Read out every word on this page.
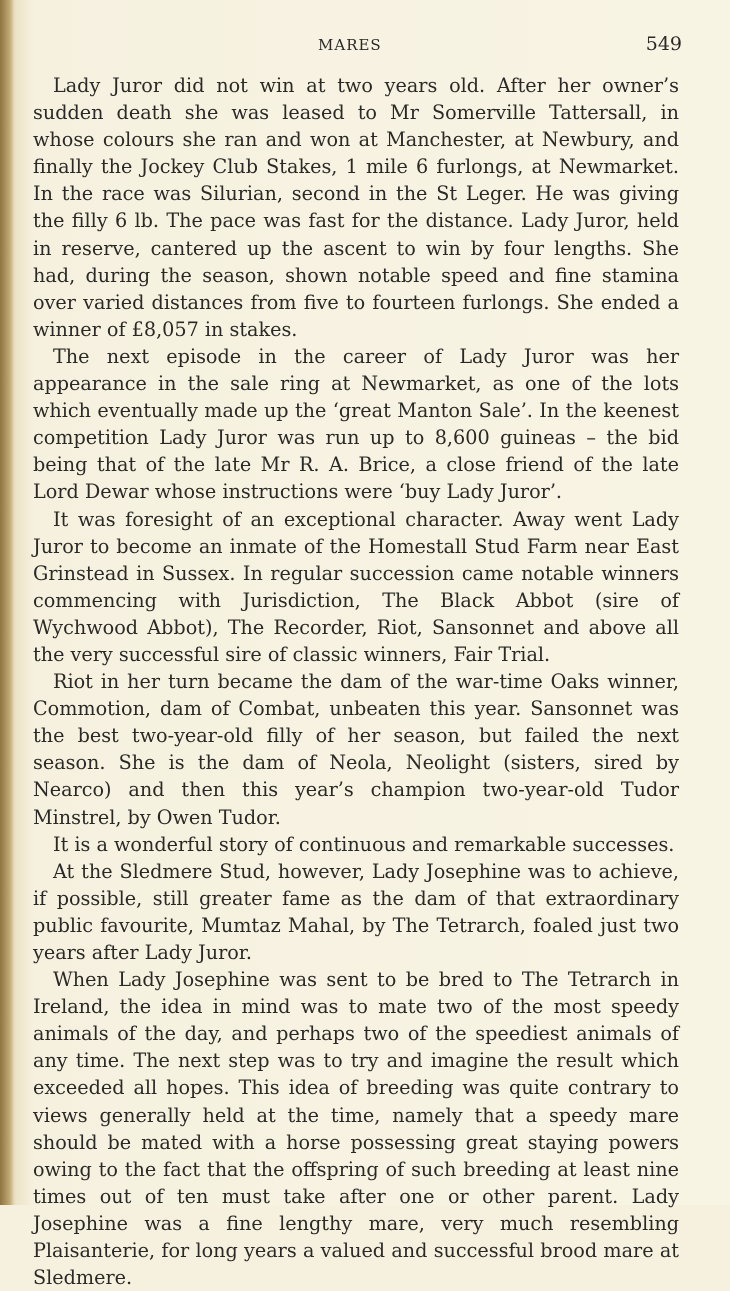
MARES	549

Lady Juror did not win at two years old. After her owner’s sudden death she was leased to Mr Somerville Tattersall, in whose colours she ran and won at Manchester, at Newbury, and finally the Jockey Club Stakes, 1 mile 6 furlongs, at Newmarket. In the race was Silurian, second in the St Leger. He was giving the filly 6 lb. The pace was fast for the distance. Lady Juror, held in reserve, cantered up the ascent to win by four lengths. She had, during the season, shown notable speed and fine stamina over varied distances from five to fourteen furlongs. She ended a winner of £8,057 in stakes.

The next episode in the career of Lady Juror was her appearance in the sale ring at Newmarket, as one of the lots which eventually made up the ‘great Manton Sale’. In the keenest competition Lady Juror was run up to 8,600 guineas – the bid being that of the late Mr R. A. Brice, a close friend of the late Lord Dewar whose instructions were ‘buy Lady Juror’.

It was foresight of an exceptional character. Away went Lady Juror to become an inmate of the Homestall Stud Farm near East Grinstead in Sussex. In regular succession came notable winners commencing with Jurisdiction, The Black Abbot (sire of Wychwood Abbot), The Recorder, Riot, Sansonnet and above all the very successful sire of classic winners, Fair Trial.

Riot in her turn became the dam of the war-time Oaks winner, Commotion, dam of Combat, unbeaten this year. Sansonnet was the best two-year-old filly of her season, but failed the next season. She is the dam of Neola, Neolight (sisters, sired by Nearco) and then this year’s champion two-year-old Tudor Minstrel, by Owen Tudor.

It is a wonderful story of continuous and remarkable successes.

At the Sledmere Stud, however, Lady Josephine was to achieve, if possible, still greater fame as the dam of that extraordinary public favourite, Mumtaz Mahal, by The Tetrarch, foaled just two years after Lady Juror.

When Lady Josephine was sent to be bred to The Tetrarch in Ireland, the idea in mind was to mate two of the most speedy animals of the day, and perhaps two of the speediest animals of any time. The next step was to try and imagine the result which exceeded all hopes. This idea of breeding was quite contrary to views generally held at the time, namely that a speedy mare should be mated with a horse possessing great staying powers owing to the fact that the offspring of such breeding at least nine times out of ten must take after one or other parent. Lady Josephine was a fine lengthy mare, very much resembling Plaisanterie, for long years a valued and successful brood mare at Sledmere.
